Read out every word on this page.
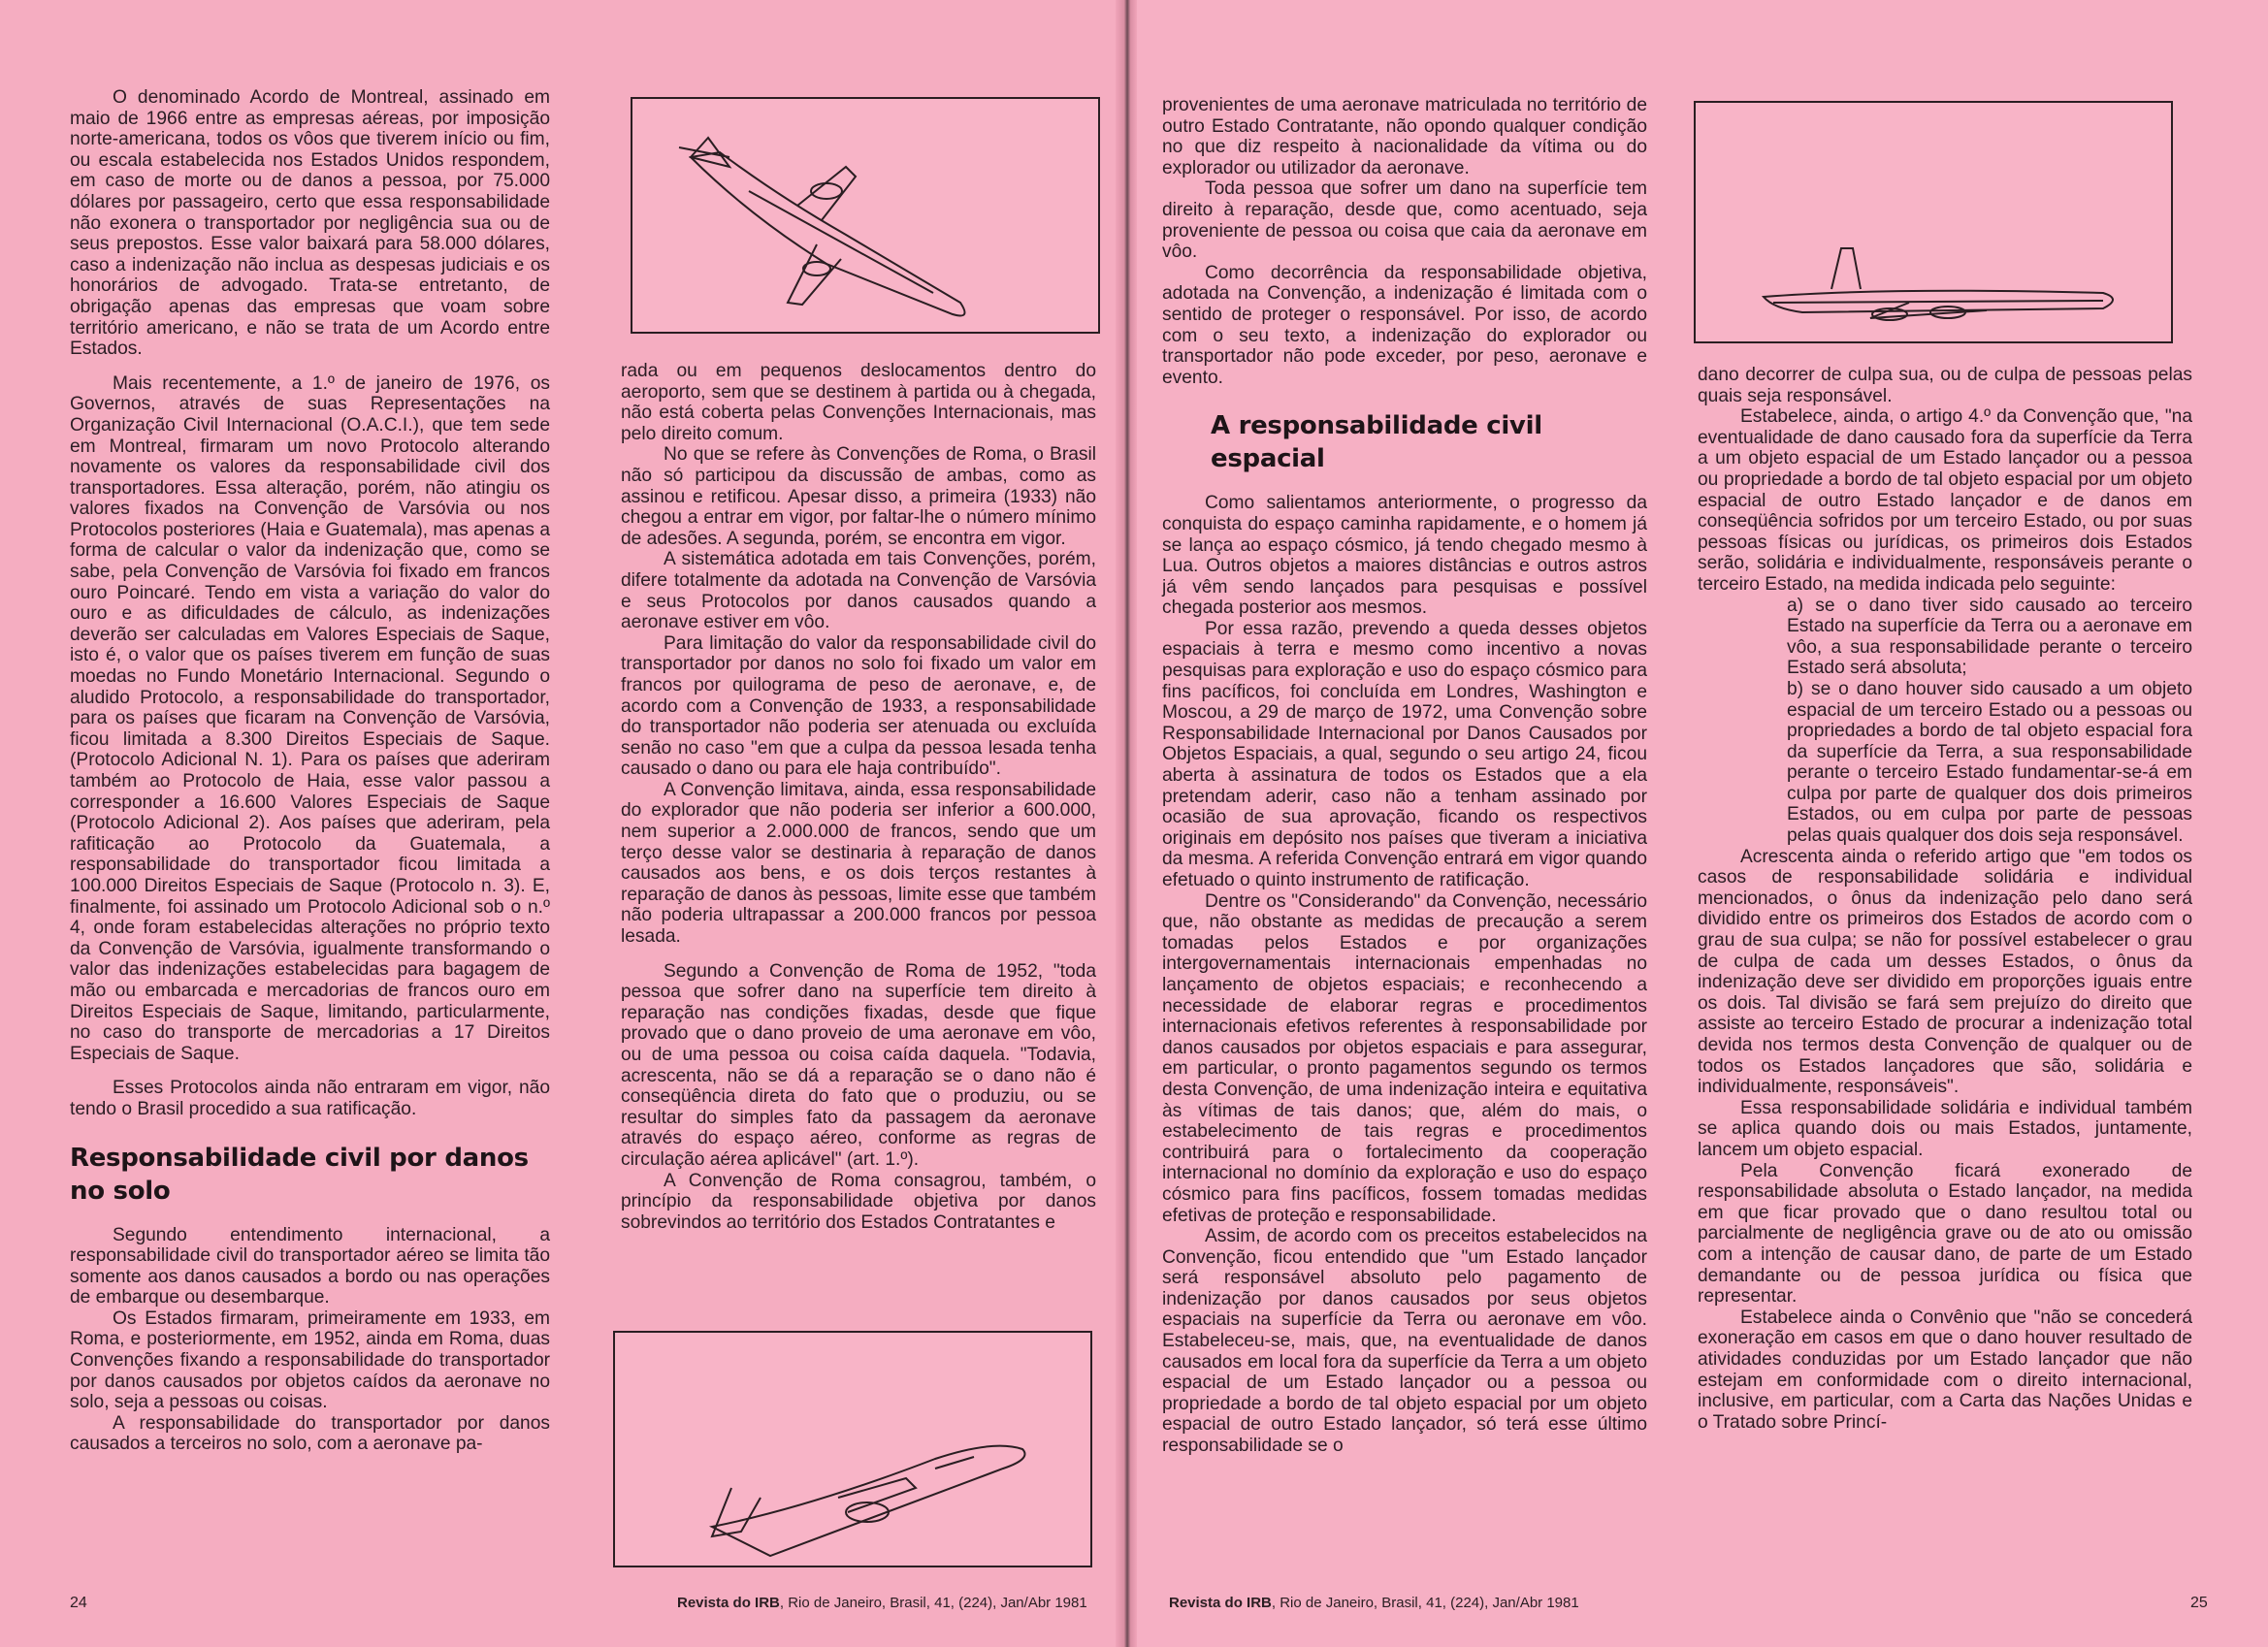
O denominado Acordo de Montreal, assinado em maio de 1966 entre as empresas aéreas, por imposição norte-americana, todos os vôos que tiverem início ou fim, ou escala estabelecida nos Estados Unidos respondem, em caso de morte ou de danos a pessoa, por 75.000 dólares por passageiro, certo que essa responsabilidade não exonera o transportador por negligência sua ou de seus prepostos. Esse valor baixará para 58.000 dólares, caso a indenização não inclua as despesas judiciais e os honorários de advogado. Trata-se entretanto, de obrigação apenas das empresas que voam sobre território americano, e não se trata de um Acordo entre Estados.

Mais recentemente, a 1.º de janeiro de 1976, os Governos, através de suas Representações na Organização Civil Internacional (O.A.C.I.), que tem sede em Montreal, firmaram um novo Protocolo alterando novamente os valores da responsabilidade civil dos transportadores. Essa alteração, porém, não atingiu os valores fixados na Convenção de Varsóvia ou nos Protocolos posteriores (Haia e Guatemala), mas apenas a forma de calcular o valor da indenização que, como se sabe, pela Convenção de Varsóvia foi fixado em francos ouro Poincaré. Tendo em vista a variação do valor do ouro e as dificuldades de cálculo, as indenizações deverão ser calculadas em Valores Especiais de Saque, isto é, o valor que os países tiverem em função de suas moedas no Fundo Monetário Internacional. Segundo o aludido Protocolo, a responsabilidade do transportador, para os países que ficaram na Convenção de Varsóvia, ficou limitada a 8.300 Direitos Especiais de Saque. (Protocolo Adicional N. 1). Para os países que aderiram também ao Protocolo de Haia, esse valor passou a corresponder a 16.600 Valores Especiais de Saque (Protocolo Adicional 2). Aos países que aderiram, pela rafiticação ao Protocolo da Guatemala, a responsabilidade do transportador ficou limitada a 100.000 Direitos Especiais de Saque (Protocolo n. 3). E, finalmente, foi assinado um Protocolo Adicional sob o n.º 4, onde foram estabelecidas alterações no próprio texto da Convenção de Varsóvia, igualmente transformando o valor das indenizações estabelecidas para bagagem de mão ou embarcada e mercadorias de francos ouro em Direitos Especiais de Saque, limitando, particularmente, no caso do transporte de mercadorias a 17 Direitos Especiais de Saque.

Esses Protocolos ainda não entraram em vigor, não tendo o Brasil procedido a sua ratificação.

Responsabilidade civil por danos no solo

Segundo entendimento internacional, a responsabilidade civil do transportador aéreo se limita tão somente aos danos causados a bordo ou nas operações de embarque ou desembarque.

Os Estados firmaram, primeiramente em 1933, em Roma, e posteriormente, em 1952, ainda em Roma, duas Convenções fixando a responsabilidade do transportador por danos causados por objetos caídos da aeronave no solo, seja a pessoas ou coisas.

A responsabilidade do transportador por danos causados a terceiros no solo, com a aeronave pa-

rada ou em pequenos deslocamentos dentro do aeroporto, sem que se destinem à partida ou à chegada, não está coberta pelas Convenções Internacionais, mas pelo direito comum.

No que se refere às Convenções de Roma, o Brasil não só participou da discussão de ambas, como as assinou e retificou. Apesar disso, a primeira (1933) não chegou a entrar em vigor, por faltar-lhe o número mínimo de adesões. A segunda, porém, se encontra em vigor.

A sistemática adotada em tais Convenções, porém, difere totalmente da adotada na Convenção de Varsóvia e seus Protocolos por danos causados quando a aeronave estiver em vôo.

Para limitação do valor da responsabilidade civil do transportador por danos no solo foi fixado um valor em francos por quilograma de peso de aeronave, e, de acordo com a Convenção de 1933, a responsabilidade do transportador não poderia ser atenuada ou excluída senão no caso "em que a culpa da pessoa lesada tenha causado o dano ou para ele haja contribuído".

A Convenção limitava, ainda, essa responsabilidade do explorador que não poderia ser inferior a 600.000, nem superior a 2.000.000 de francos, sendo que um terço desse valor se destinaria à reparação de danos causados aos bens, e os dois terços restantes à reparação de danos às pessoas, limite esse que também não poderia ultrapassar a 200.000 francos por pessoa lesada.

Segundo a Convenção de Roma de 1952, "toda pessoa que sofrer dano na superfície tem direito à reparação nas condições fixadas, desde que fique provado que o dano proveio de uma aeronave em vôo, ou de uma pessoa ou coisa caída daquela. "Todavia, acrescenta, não se dá a reparação se o dano não é conseqüência direta do fato que o produziu, ou se resultar do simples fato da passagem da aeronave através do espaço aéreo, conforme as regras de circulação aérea aplicável" (art. 1.º).

A Convenção de Roma consagrou, também, o princípio da responsabilidade objetiva por danos sobrevindos ao território dos Estados Contratantes e

24	Revista do IRB, Rio de Janeiro, Brasil, 41, (224), Jan/Abr 1981

provenientes de uma aeronave matriculada no território de outro Estado Contratante, não opondo qualquer condição no que diz respeito à nacionalidade da vítima ou do explorador ou utilizador da aeronave.

Toda pessoa que sofrer um dano na superfície tem direito à reparação, desde que, como acentuado, seja proveniente de pessoa ou coisa que caia da aeronave em vôo.

Como decorrência da responsabilidade objetiva, adotada na Convenção, a indenização é limitada com o sentido de proteger o responsável. Por isso, de acordo com o seu texto, a indenização do explorador ou transportador não pode exceder, por peso, aeronave e evento.

A responsabilidade civil espacial

Como salientamos anteriormente, o progresso da conquista do espaço caminha rapidamente, e o homem já se lança ao espaço cósmico, já tendo chegado mesmo à Lua. Outros objetos a maiores distâncias e outros astros já vêm sendo lançados para pesquisas e possível chegada posterior aos mesmos.

Por essa razão, prevendo a queda desses objetos espaciais à terra e mesmo como incentivo a novas pesquisas para exploração e uso do espaço cósmico para fins pacíficos, foi concluída em Londres, Washington e Moscou, a 29 de março de 1972, uma Convenção sobre Responsabilidade Internacional por Danos Causados por Objetos Espaciais, a qual, segundo o seu artigo 24, ficou aberta à assinatura de todos os Estados que a ela pretendam aderir, caso não a tenham assinado por ocasião de sua aprovação, ficando os respectivos originais em depósito nos países que tiveram a iniciativa da mesma. A referida Convenção entrará em vigor quando efetuado o quinto instrumento de ratificação.

Dentre os "Considerando" da Convenção, necessário que, não obstante as medidas de precaução a serem tomadas pelos Estados e por organizações intergovernamentais internacionais empenhadas no lançamento de objetos espaciais; e reconhecendo a necessidade de elaborar regras e procedimentos internacionais efetivos referentes à responsabilidade por danos causados por objetos espaciais e para assegurar, em particular, o pronto pagamentos segundo os termos desta Convenção, de uma indenização inteira e equitativa às vítimas de tais danos; que, além do mais, o estabelecimento de tais regras e procedimentos contribuirá para o fortalecimento da cooperação internacional no domínio da exploração e uso do espaço cósmico para fins pacíficos, fossem tomadas medidas efetivas de proteção e responsabilidade.

Assim, de acordo com os preceitos estabelecidos na Convenção, ficou entendido que "um Estado lançador será responsável absoluto pelo pagamento de indenização por danos causados por seus objetos espaciais na superfície da Terra ou aeronave em vôo. Estabeleceu-se, mais, que, na eventualidade de danos causados em local fora da superfície da Terra a um objeto espacial de um Estado lançador ou a pessoa ou propriedade a bordo de tal objeto espacial por um objeto espacial de outro Estado lançador, só terá esse último responsabilidade se o

dano decorrer de culpa sua, ou de culpa de pessoas pelas quais seja responsável.

Estabelece, ainda, o artigo 4.º da Convenção que, "na eventualidade de dano causado fora da superfície da Terra a um objeto espacial de um Estado lançador ou a pessoa ou propriedade a bordo de tal objeto espacial por um objeto espacial de outro Estado lançador e de danos em conseqüência sofridos por um terceiro Estado, ou por suas pessoas físicas ou jurídicas, os primeiros dois Estados serão, solidária e individualmente, responsáveis perante o terceiro Estado, na medida indicada pelo seguinte:

a) se o dano tiver sido causado ao terceiro Estado na superfície da Terra ou a aeronave em vôo, a sua responsabilidade perante o terceiro Estado será absoluta;

b) se o dano houver sido causado a um objeto espacial de um terceiro Estado ou a pessoas ou propriedades a bordo de tal objeto espacial fora da superfície da Terra, a sua responsabilidade perante o terceiro Estado fundamentar-se-á em culpa por parte de qualquer dos dois primeiros Estados, ou em culpa por parte de pessoas pelas quais qualquer dos dois seja responsável.

Acrescenta ainda o referido artigo que "em todos os casos de responsabilidade solidária e individual mencionados, o ônus da indenização pelo dano será dividido entre os primeiros dos Estados de acordo com o grau de sua culpa; se não for possível estabelecer o grau de culpa de cada um desses Estados, o ônus da indenização deve ser dividido em proporções iguais entre os dois. Tal divisão se fará sem prejuízo do direito que assiste ao terceiro Estado de procurar a indenização total devida nos termos desta Convenção de qualquer ou de todos os Estados lançadores que são, solidária e individualmente, responsáveis".

Essa responsabilidade solidária e individual também se aplica quando dois ou mais Estados, juntamente, lancem um objeto espacial.

Pela Convenção ficará exonerado de responsabilidade absoluta o Estado lançador, na medida em que ficar provado que o dano resultou total ou parcialmente de negligência grave ou de ato ou omissão com a intenção de causar dano, de parte de um Estado demandante ou de pessoa jurídica ou física que representar.

Estabelece ainda o Convênio que "não se concederá exoneração em casos em que o dano houver resultado de atividades conduzidas por um Estado lançador que não estejam em conformidade com o direito internacional, inclusive, em particular, com a Carta das Nações Unidas e o Tratado sobre Princí-

Revista do IRB, Rio de Janeiro, Brasil, 41, (224), Jan/Abr 1981	25
